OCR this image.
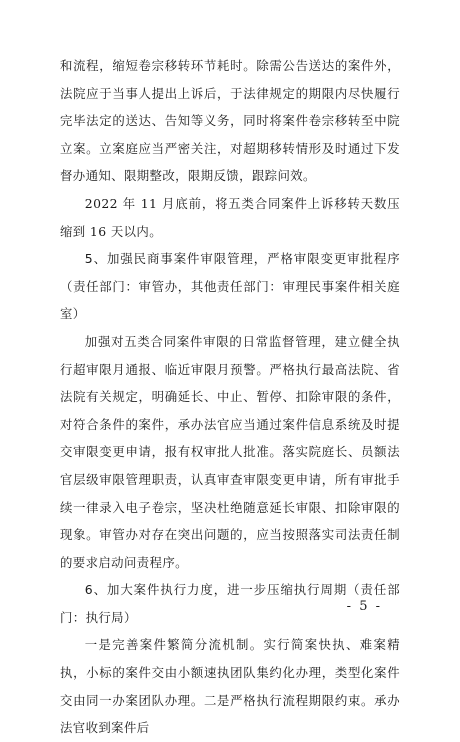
和流程，缩短卷宗移转环节耗时。除需公告送达的案件外，法院应于当事人提出上诉后，于法律规定的期限内尽快履行完毕法定的送达、告知等义务，同时将案件卷宗移转至中院立案。立案庭应当严密关注，对超期移转情形及时通过下发督办通知、限期整改，限期反馈，跟踪问效。

2022 年 11 月底前，将五类合同案件上诉移转天数压缩到 16 天以内。

5、加强民商事案件审限管理，严格审限变更审批程序（责任部门：审管办，其他责任部门：审理民事案件相关庭室）

加强对五类合同案件审限的日常监督管理，建立健全执行超审限月通报、临近审限月预警。严格执行最高法院、省法院有关规定，明确延长、中止、暂停、扣除审限的条件，对符合条件的案件，承办法官应当通过案件信息系统及时提交审限变更申请，报有权审批人批准。落实院庭长、员额法官层级审限管理职责，认真审查审限变更申请，所有审批手续一律录入电子卷宗，坚决杜绝随意延长审限、扣除审限的现象。审管办对存在突出问题的，应当按照落实司法责任制的要求启动问责程序。

6、加大案件执行力度，进一步压缩执行周期（责任部门：执行局）

一是完善案件繁简分流机制。实行简案快执、难案精执，小标的案件交由小额速执团队集约化办理，类型化案件交由同一办案团队办理。二是严格执行流程期限约束。承办法官收到案件后

- 5 -
